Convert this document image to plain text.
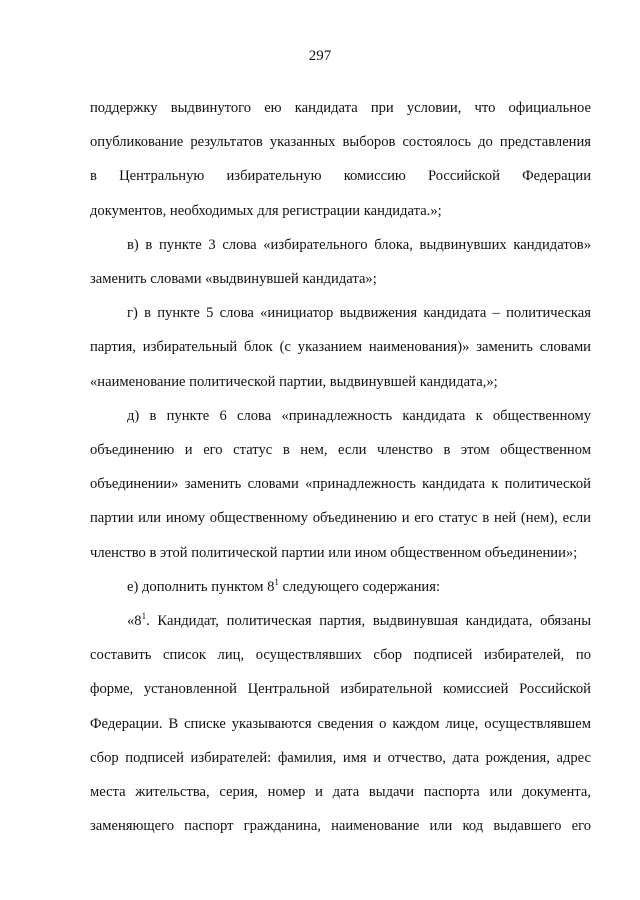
297

поддержку выдвинутого ею кандидата при условии, что официальное
опубликование результатов указанных выборов состоялось до представления
в Центральную избирательную комиссию Российской Федерации
документов, необходимых для регистрации кандидата.»;

в) в пункте 3 слова «избирательного блока, выдвинувших кандидатов»
заменить словами «выдвинувшей кандидата»;

г) в пункте 5 слова «инициатор выдвижения кандидата – политическая
партия, избирательный блок (с указанием наименования)» заменить словами
«наименование политической партии, выдвинувшей кандидата,»;

д) в пункте 6 слова «принадлежность кандидата к общественному
объединению и его статус в нем, если членство в этом общественном
объединении» заменить словами «принадлежность кандидата к политической
партии или иному общественному объединению и его статус в ней (нем), если
членство в этой политической партии или ином общественном объединении»;

е) дополнить пунктом $8^1$ следующего содержания:

«$8^1$. Кандидат, политическая партия, выдвинувшая кандидата, обязаны
составить список лиц, осуществлявших сбор подписей избирателей, по
форме, установленной Центральной избирательной комиссией Российской
Федерации. В списке указываются сведения о каждом лице, осуществлявшем
сбор подписей избирателей: фамилия, имя и отчество, дата рождения, адрес
места жительства, серия, номер и дата выдачи паспорта или документа,
заменяющего паспорт гражданина, наименование или код выдавшего его
